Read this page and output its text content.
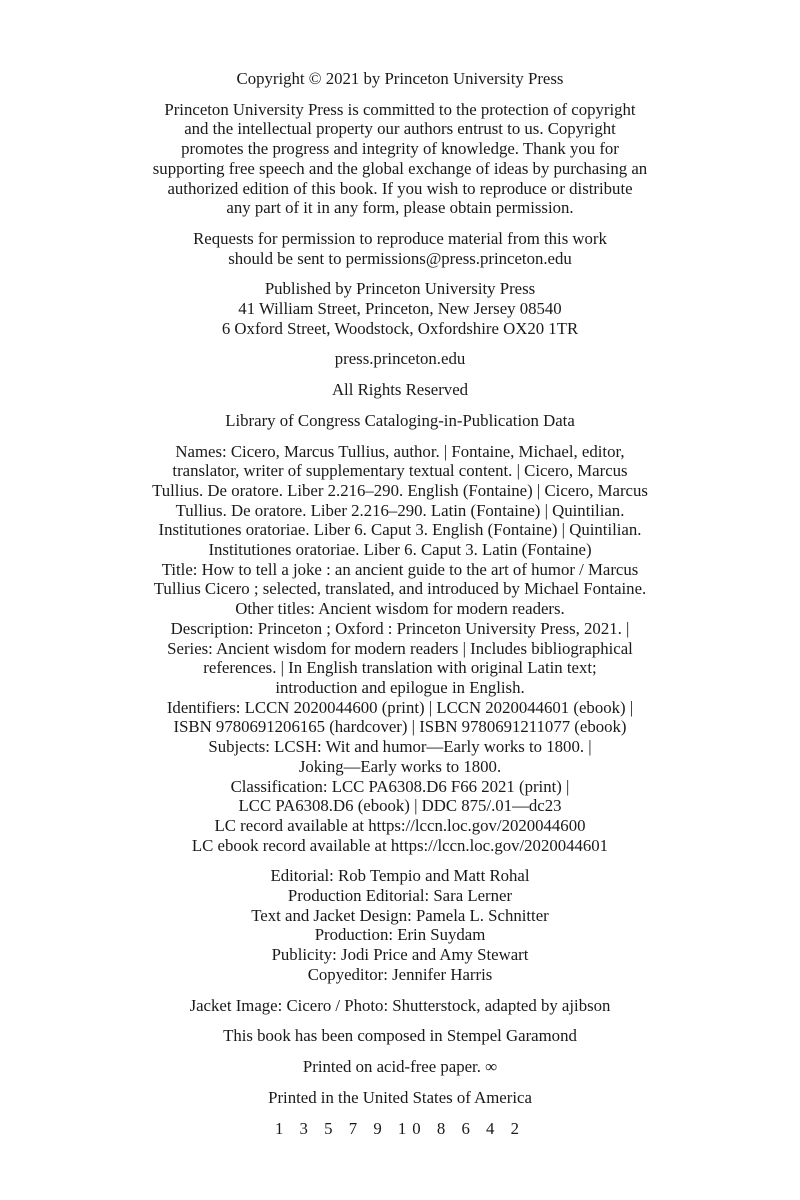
Copyright © 2021 by Princeton University Press
Princeton University Press is committed to the protection of copyright
and the intellectual property our authors entrust to us. Copyright
promotes the progress and integrity of knowledge. Thank you for
supporting free speech and the global exchange of ideas by purchasing an
authorized edition of this book. If you wish to reproduce or distribute
any part of it in any form, please obtain permission.
Requests for permission to reproduce material from this work
should be sent to permissions@press.princeton.edu
Published by Princeton University Press
41 William Street, Princeton, New Jersey 08540
6 Oxford Street, Woodstock, Oxfordshire OX20 1TR
press.princeton.edu
All Rights Reserved
Library of Congress Cataloging-in-Publication Data
Names: Cicero, Marcus Tullius, author. | Fontaine, Michael, editor,
translator, writer of supplementary textual content. | Cicero, Marcus
Tullius. De oratore. Liber 2.216–290. English (Fontaine) | Cicero, Marcus
Tullius. De oratore. Liber 2.216–290. Latin (Fontaine) | Quintilian.
Institutiones oratoriae. Liber 6. Caput 3. English (Fontaine) | Quintilian.
Institutiones oratoriae. Liber 6. Caput 3. Latin (Fontaine)
Title: How to tell a joke : an ancient guide to the art of humor / Marcus
Tullius Cicero ; selected, translated, and introduced by Michael Fontaine.
Other titles: Ancient wisdom for modern readers.
Description: Princeton ; Oxford : Princeton University Press, 2021. |
Series: Ancient wisdom for modern readers | Includes bibliographical
references. | In English translation with original Latin text;
introduction and epilogue in English.
Identifiers: LCCN 2020044600 (print) | LCCN 2020044601 (ebook) |
ISBN 9780691206165 (hardcover) | ISBN 9780691211077 (ebook)
Subjects: LCSH: Wit and humor—Early works to 1800. |
Joking—Early works to 1800.
Classification: LCC PA6308.D6 F66 2021 (print) |
LCC PA6308.D6 (ebook) | DDC 875/.01—dc23
LC record available at https://lccn.loc.gov/2020044600
LC ebook record available at https://lccn.loc.gov/2020044601
Editorial: Rob Tempio and Matt Rohal
Production Editorial: Sara Lerner
Text and Jacket Design: Pamela L. Schnitter
Production: Erin Suydam
Publicity: Jodi Price and Amy Stewart
Copyeditor: Jennifer Harris
Jacket Image: Cicero / Photo: Shutterstock, adapted by ajibson
This book has been composed in Stempel Garamond
Printed on acid-free paper. ∞
Printed in the United States of America
1 3 5 7 9 10 8 6 4 2
